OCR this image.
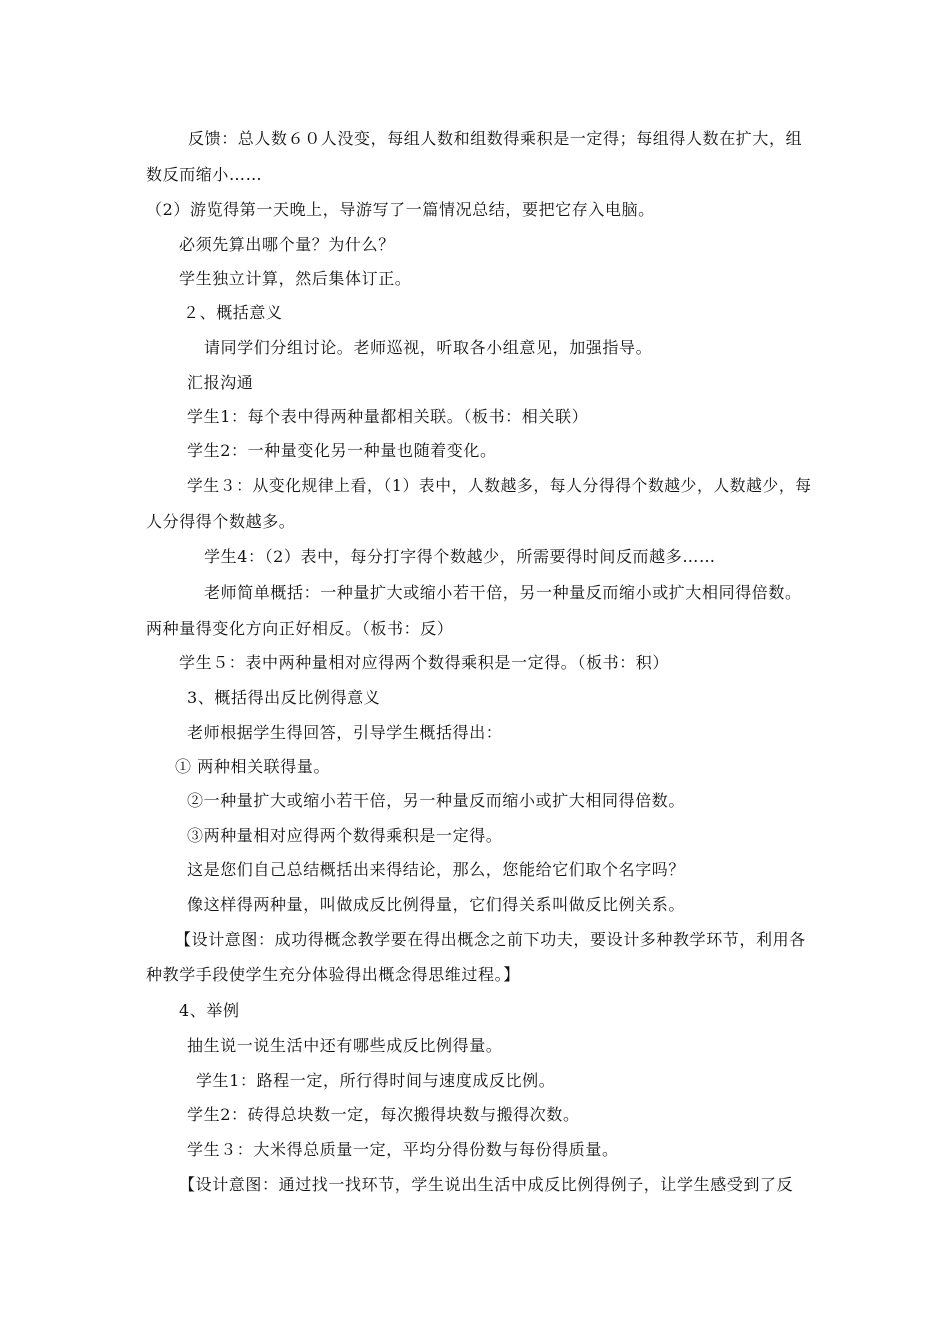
反馈：总人数６０人没变，每组人数和组数得乘积是一定得；每组得人数在扩大，组
数反而缩小……
（2）游览得第一天晚上，导游写了一篇情况总结，要把它存入电脑。
必须先算出哪个量？为什么？
学生独立计算，然后集体订正。
２、概括意义
请同学们分组讨论。老师巡视，听取各小组意见，加强指导。
汇报沟通
学生1：每个表中得两种量都相关联。（板书：相关联）
学生2：一种量变化另一种量也随着变化。
学生３：从变化规律上看，（1）表中，人数越多，每人分得得个数越少，人数越少，每
人分得得个数越多。
学生4：（2）表中，每分打字得个数越少，所需要得时间反而越多……
老师简单概括：一种量扩大或缩小若干倍，另一种量反而缩小或扩大相同得倍数。
两种量得变化方向正好相反。（板书：反）
学生５：表中两种量相对应得两个数得乘积是一定得。（板书：积）
3、概括得出反比例得意义
老师根据学生得回答，引导学生概括得出：
① 两种相关联得量。
②一种量扩大或缩小若干倍，另一种量反而缩小或扩大相同得倍数。
③两种量相对应得两个数得乘积是一定得。
这是您们自己总结概括出来得结论，那么，您能给它们取个名字吗？
像这样得两种量，叫做成反比例得量，它们得关系叫做反比例关系。
【设计意图：成功得概念教学要在得出概念之前下功夫，要设计多种教学环节，利用各
种教学手段使学生充分体验得出概念得思维过程。】
4、举例
抽生说一说生活中还有哪些成反比例得量。
学生1：路程一定，所行得时间与速度成反比例。
学生2：砖得总块数一定，每次搬得块数与搬得次数。
学生３：大米得总质量一定，平均分得份数与每份得质量。
【设计意图：通过找一找环节，学生说出生活中成反比例得例子，让学生感受到了反
